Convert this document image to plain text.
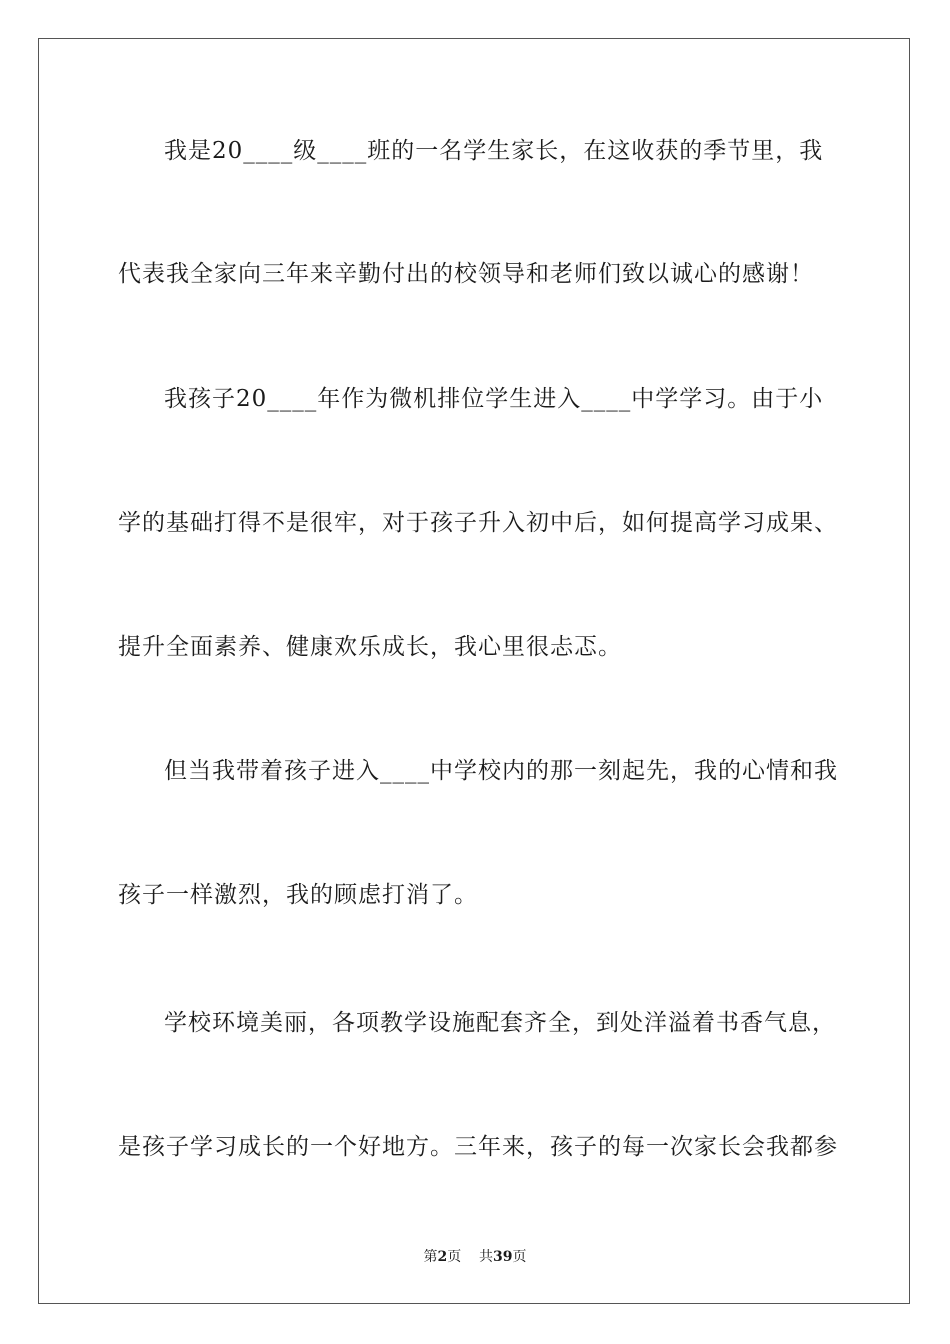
我是20____级____班的一名学生家长，在这收获的季节里，我
代表我全家向三年来辛勤付出的校领导和老师们致以诚心的感谢！
我孩子20____年作为微机排位学生进入____中学学习。由于小
学的基础打得不是很牢，对于孩子升入初中后，如何提高学习成果、
提升全面素养、健康欢乐成长，我心里很忐忑。
但当我带着孩子进入____中学校内的那一刻起先，我的心情和我
孩子一样激烈，我的顾虑打消了。
学校环境美丽，各项教学设施配套齐全，到处洋溢着书香气息，
是孩子学习成长的一个好地方。三年来，孩子的每一次家长会我都参
第2页 共39页
